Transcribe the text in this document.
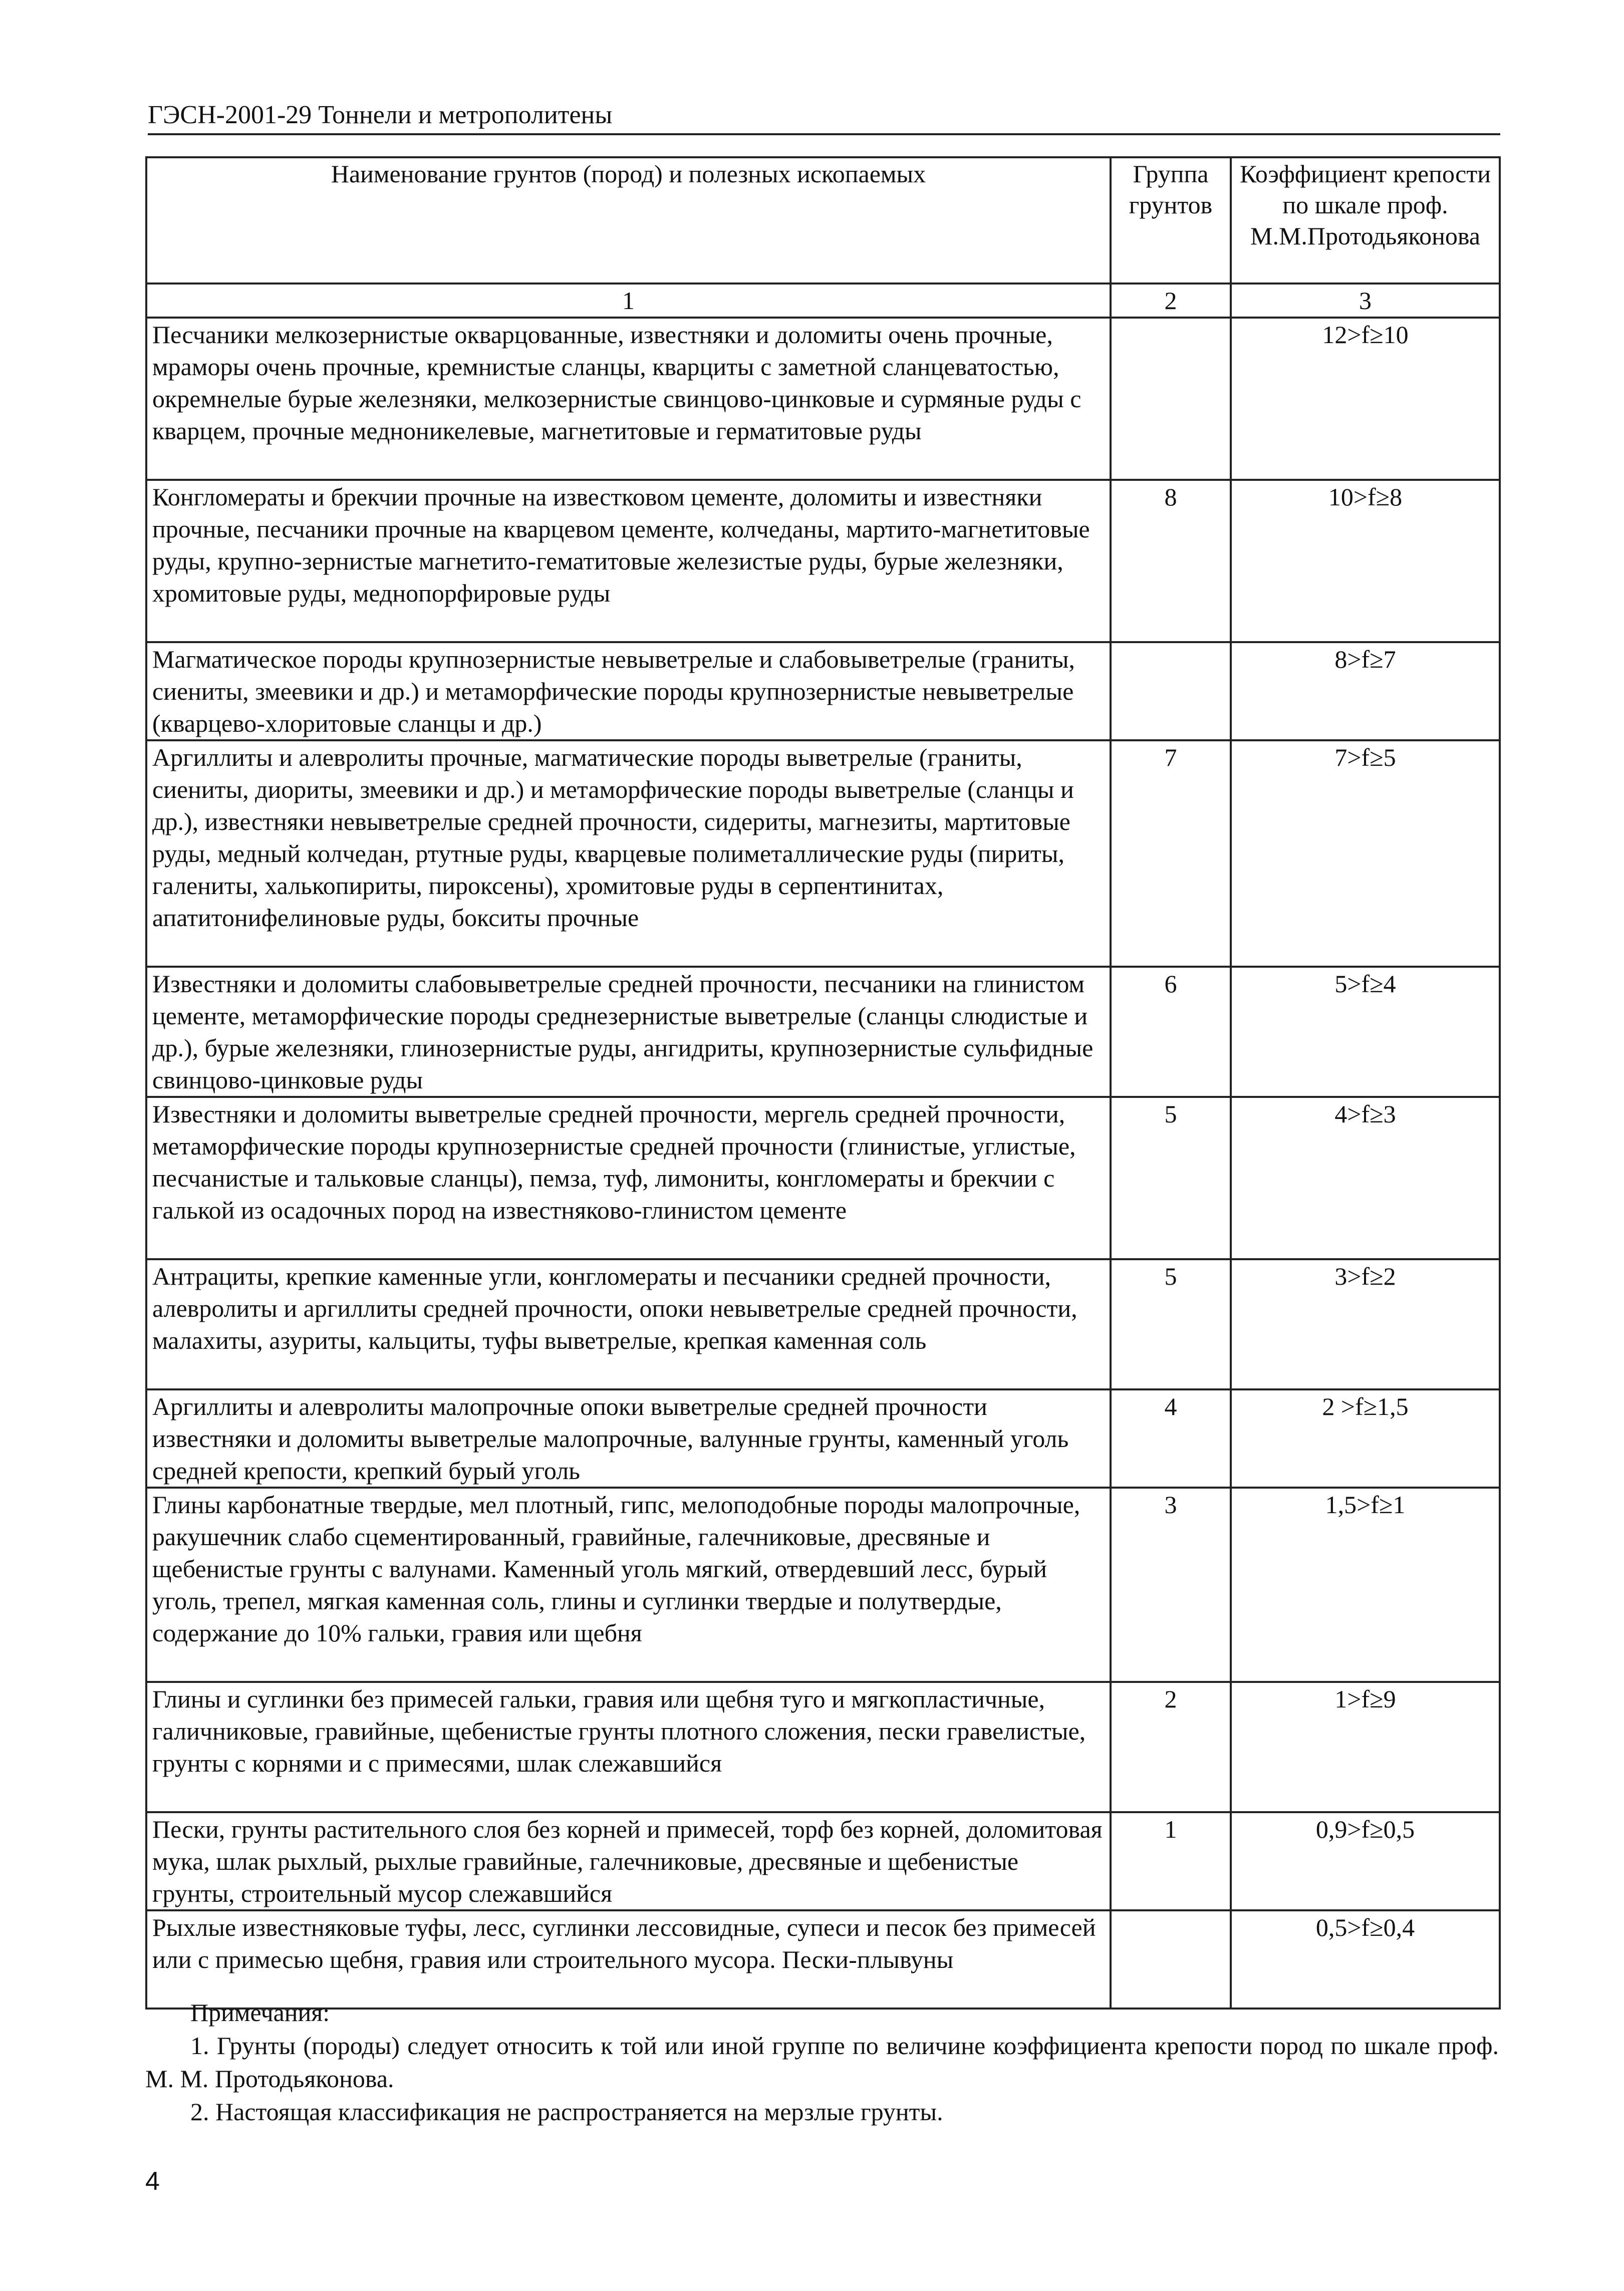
ГЭСН-2001-29 Тоннели и метрополитены
Наименование грунтов (пород) и полезных ископаемых	Группа грунтов	Коэффициент крепости по шкале проф. М.М.Протодьяконова
1	2	3
Песчаники мелкозернистые окварцованные, известняки и доломиты очень прочные, мраморы очень прочные, кремнистые сланцы, кварциты с заметной сланцеватостью, окремнелые бурые железняки, мелкозернистые свинцово-цинковые и сурмяные руды с кварцем, прочные медноникелевые, магнетитовые и герматитовые руды		12>f≥10
Конгломераты и брекчии прочные на известковом цементе, доломиты и известняки прочные, песчаники прочные на кварцевом цементе, колчеданы, мартито-магнетитовые руды, крупно-зернистые магнетито-гематитовые железистые руды, бурые железняки, хромитовые руды, меднопорфировые руды	8	10>f≥8
Магматическое породы крупнозернистые невыветрелые и слабовыветрелые (граниты, сиениты, змеевики и др.) и метаморфические породы крупнозернистые невыветрелые (кварцево-хлоритовые сланцы и др.)		8>f≥7
Аргиллиты и алевролиты прочные, магматические породы выветрелые (граниты, сиениты, диориты, змеевики и др.) и метаморфические породы выветрелые (сланцы и др.), известняки невыветрелые средней прочности, сидериты, магнезиты, мартитовые руды, медный колчедан, ртутные руды, кварцевые полиметаллические руды (пириты, галениты, халькопириты, пироксены), хромитовые руды в серпентинитах, апатитонифелиновые руды, бокситы прочные	7	7>f≥5
Известняки и доломиты слабовыветрелые средней прочности, песчаники на глинистом цементе, метаморфические породы среднезернистые выветрелые (сланцы слюдистые и др.), бурые железняки, глинозернистые руды, ангидриты, крупнозернистые сульфидные свинцово-цинковые руды	6	5>f≥4
Известняки и доломиты выветрелые средней прочности, мергель средней прочности, метаморфические породы крупнозернистые средней прочности (глинистые, углистые, песчанистые и тальковые сланцы), пемза, туф, лимониты, конгломераты и брекчии с галькой из осадочных пород на известняково-глинистом цементе	5	4>f≥3
Антрациты, крепкие каменные угли, конгломераты и песчаники средней прочности, алевролиты и аргиллиты средней прочности, опоки невыветрелые средней прочности, малахиты, азуриты, кальциты, туфы выветрелые, крепкая каменная соль	5	3>f≥2
Аргиллиты и алевролиты малопрочные опоки выветрелые средней прочности известняки и доломиты выветрелые малопрочные, валунные грунты, каменный уголь средней крепости, крепкий бурый уголь	4	2 >f≥1,5
Глины карбонатные твердые, мел плотный, гипс, мелоподобные породы малопрочные, ракушечник слабо сцементированный, гравийные, галечниковые, дресвяные и щебенистые грунты с валунами. Каменный уголь мягкий, отвердевший лесс, бурый уголь, трепел, мягкая каменная соль, глины и суглинки твердые и полутвердые, содержание до 10% гальки, гравия или щебня	3	1,5>f≥1
Глины и суглинки без примесей гальки, гравия или щебня туго и мягкопластичные, галичниковые, гравийные, щебенистые грунты плотного сложения, пески гравелистые, грунты с корнями и с примесями, шлак слежавшийся	2	1>f≥9
Пески, грунты растительного слоя без корней и примесей, торф без корней, доломитовая мука, шлак рыхлый, рыхлые гравийные, галечниковые, дресвяные и щебенистые грунты, строительный мусор слежавшийся	1	0,9>f≥0,5
Рыхлые известняковые туфы, лесс, суглинки лессовидные, супеси и песок без примесей или с примесью щебня, гравия или строительного мусора. Пески-плывуны		0,5>f≥0,4
Примечания:
1. Грунты (породы) следует относить к той или иной группе по величине коэффициента крепости пород по шкале проф. М. М. Протодьяконова.
2. Настоящая классификация не распространяется на мерзлые грунты.
4
